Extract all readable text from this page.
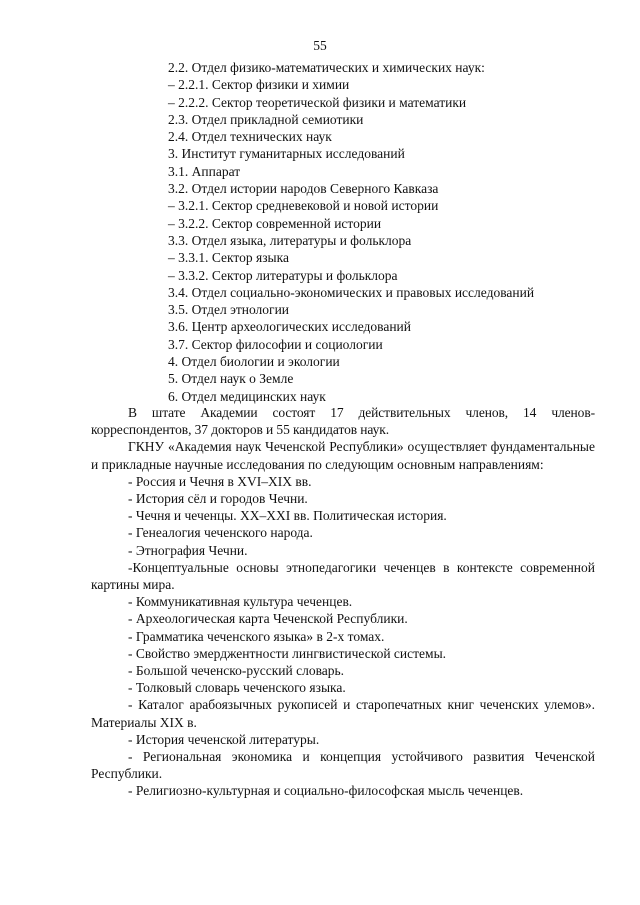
55
2.2. Отдел физико-математических и химических наук:
– 2.2.1. Сектор физики и химии
– 2.2.2. Сектор теоретической физики и математики
2.3. Отдел прикладной семиотики
2.4. Отдел технических наук
3. Институт гуманитарных исследований
3.1. Аппарат
3.2. Отдел истории народов Северного Кавказа
– 3.2.1. Сектор средневековой и новой истории
– 3.2.2. Сектор современной истории
3.3. Отдел языка, литературы и фольклора
– 3.3.1. Сектор языка
– 3.3.2. Сектор литературы и фольклора
3.4. Отдел социально-экономических и правовых исследований
3.5. Отдел этнологии
3.6. Центр археологических исследований
3.7. Сектор философии и социологии
4. Отдел биологии и экологии
5. Отдел наук о Земле
6. Отдел медицинских наук
В штате Академии состоят 17 действительных членов, 14 членов-корреспондентов, 37 докторов и 55 кандидатов наук.
ГКНУ «Академия наук Чеченской Республики» осуществляет фундаментальные и прикладные научные исследования по следующим основным направлениям:
- Россия и Чечня в XVI–XIX вв.
- История сёл и городов Чечни.
- Чечня и чеченцы. XX–XXI вв. Политическая история.
- Генеалогия чеченского народа.
- Этнография Чечни.
-Концептуальные основы этнопедагогики чеченцев в контексте современной картины мира.
- Коммуникативная культура чеченцев.
- Археологическая карта Чеченской Республики.
- Грамматика чеченского языка» в 2-х томах.
- Свойство эмерджентности лингвистической системы.
- Большой чеченско-русский словарь.
- Толковый словарь чеченского языка.
- Каталог арабоязычных рукописей и старопечатных книг чеченских улемов». Материалы XIX в.
- История чеченской литературы.
- Региональная экономика и концепция устойчивого развития Чеченской Республики.
- Религиозно-культурная и социально-философская мысль чеченцев.
